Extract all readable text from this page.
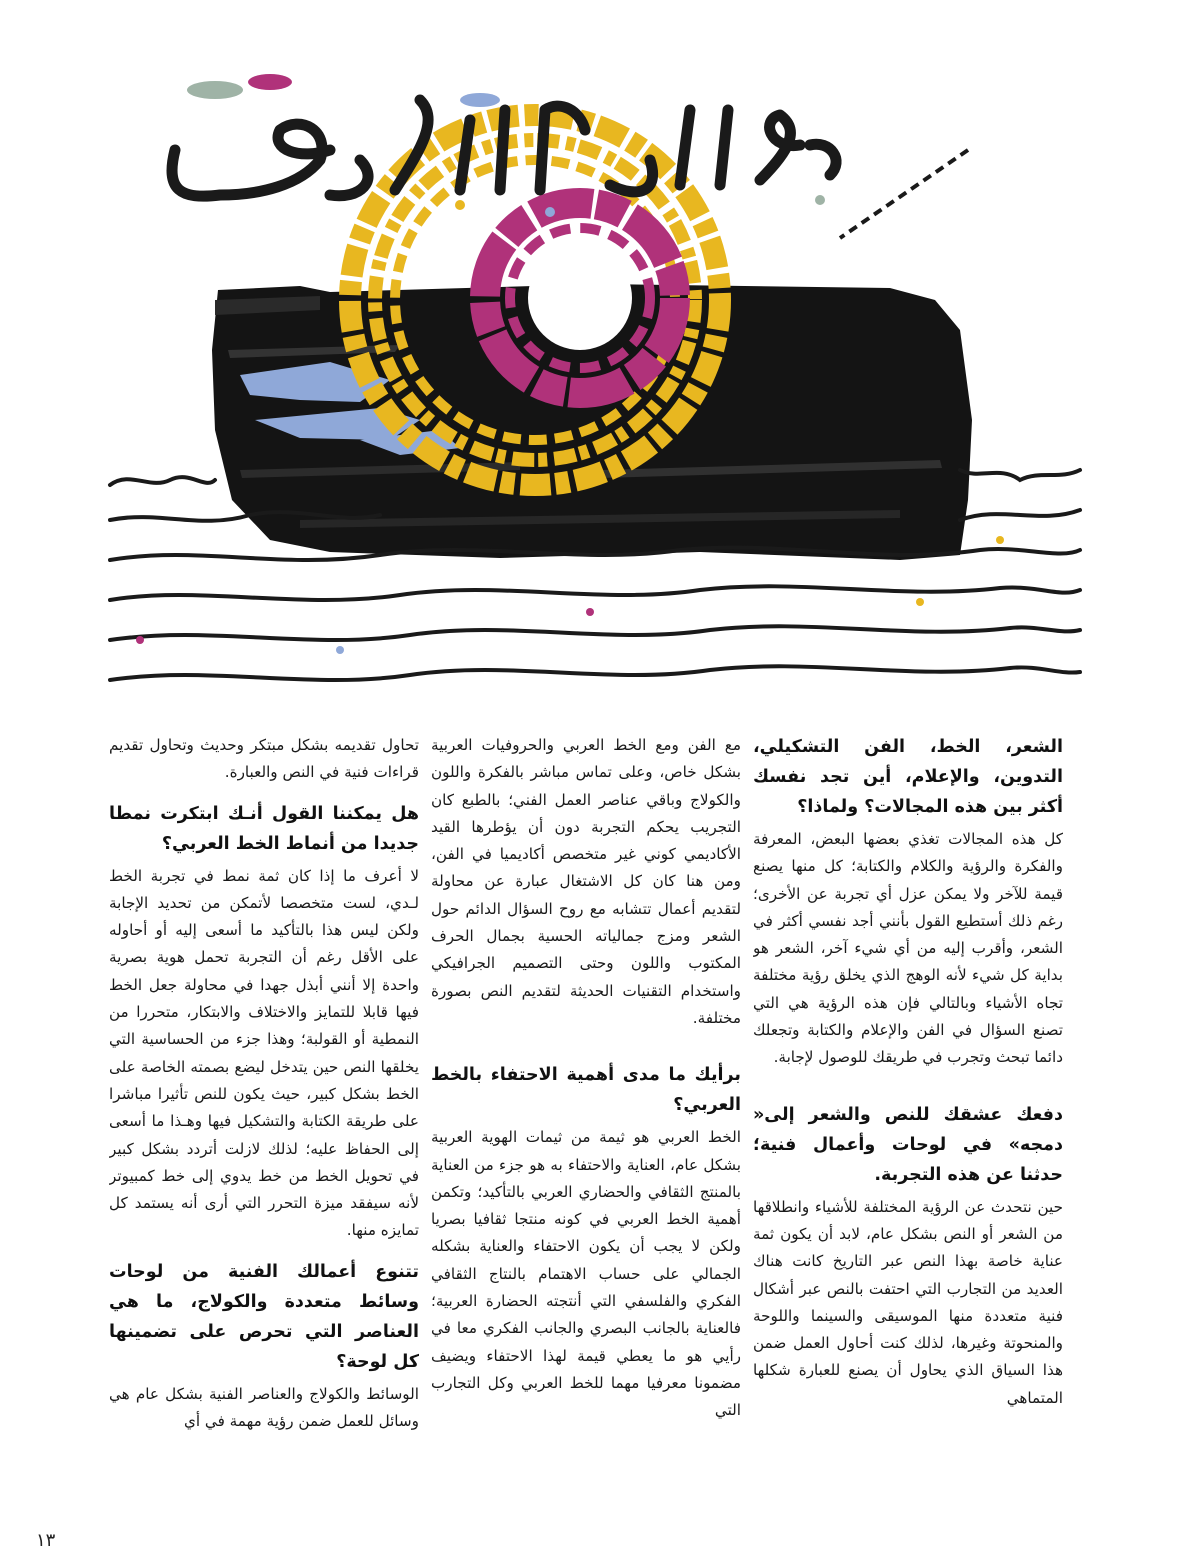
الشعر، الخط، الفن التشكيلي، التدوين، والإعلام، أين تجد نفسك أكثر بين هذه المجالات؟ ولماذا؟

كل هذه المجالات تغذي بعضها البعض، المعرفة والفكرة والرؤية والكلام والكتابة؛ كل منها يصنع قيمة للآخر ولا يمكن عزل أي تجربة عن الأخرى؛ رغم ذلك أستطيع القول بأنني أجد نفسي أكثر في الشعر، وأقرب إليه من أي شيء آخر، الشعر هو بداية كل شيء لأنه الوهج الذي يخلق رؤية مختلفة تجاه الأشياء وبالتالي فإن هذه الرؤية هي التي تصنع السؤال في الفن والإعلام والكتابة وتجعلك دائما تبحث وتجرب في طريقك للوصول لإجابة.

دفعك عشقك للنص والشعر إلى« دمجه» في لوحات وأعمال فنية؛ حدثنا عن هذه التجربة.

حين نتحدث عن الرؤية المختلفة للأشياء وانطلاقها من الشعر أو النص بشكل عام، لابد أن يكون ثمة عناية خاصة بهذا النص عبر التاريخ كانت هناك العديد من التجارب التي احتفت بالنص عبر أشكال فنية متعددة منها الموسيقى والسينما واللوحة والمنحوتة وغيرها، لذلك كنت أحاول العمل ضمن هذا السياق الذي يحاول أن يصنع للعبارة شكلها المتماهي

مع الفن ومع الخط العربي والحروفيات العربية بشكل خاص، وعلى تماس مباشر بالفكرة واللون والكولاج وباقي عناصر العمل الفني؛ بالطبع كان التجريب يحكم التجربة دون أن يؤطرها القيد الأكاديمي كوني غير متخصص أكاديميا في الفن، ومن هنا كان كل الاشتغال عبارة عن محاولة لتقديم أعمال تتشابه مع روح السؤال الدائم حول الشعر ومزج جمالياته الحسية بجمال الحرف المكتوب واللون وحتى التصميم الجرافيكي واستخدام التقنيات الحديثة لتقديم النص بصورة مختلفة.

برأيك ما مدى أهمية الاحتفاء بالخط العربي؟

الخط العربي هو ثيمة من ثيمات الهوية العربية بشكل عام، العناية والاحتفاء به هو جزء من العناية بالمنتج الثقافي والحضاري العربي بالتأكيد؛ وتكمن أهمية الخط العربي في كونه منتجا ثقافيا بصريا ولكن لا يجب أن يكون الاحتفاء والعناية بشكله الجمالي على حساب الاهتمام بالنتاج الثقافي الفكري والفلسفي التي أنتجته الحضارة العربية؛ فالعناية بالجانب البصري والجانب الفكري معا في رأيي هو ما يعطي قيمة لهذا الاحتفاء ويضيف مضمونا معرفيا مهما للخط العربي وكل التجارب التي

تحاول تقديمه بشكل مبتكر وحديث وتحاول تقديم قراءات فنية في النص والعبارة.

هل يمكننا القول أنـك ابتكرت نمطا جديدا من أنماط الخط العربي؟

لا أعرف ما إذا كان ثمة نمط في تجربة الخط لـدي، لست متخصصا لأتمكن من تحديد الإجابة ولكن ليس هذا بالتأكيد ما أسعى إليه أو أحاوله على الأقل رغم أن التجربة تحمل هوية بصرية واحدة إلا أنني أبذل جهدا في محاولة جعل الخط فيها قابلا للتمايز والاختلاف والابتكار، متحررا من النمطية أو القولبة؛ وهذا جزء من الحساسية التي يخلقها النص حين يتدخل ليضع بصمته الخاصة على الخط بشكل كبير، حيث يكون للنص تأثيرا مباشرا على طريقة الكتابة والتشكيل فيها وهـذا ما أسعى إلى الحفاظ عليه؛ لذلك لازلت أتردد بشكل كبير في تحويل الخط من خط يدوي إلى خط كمبيوتر لأنه سيفقد ميزة التحرر التي أرى أنه يستمد كل تمايزه منها.

تتنوع أعمالك الفنية من لوحات وسائط متعددة والكولاج، ما هي العناصر التي تحرص على تضمينها كل لوحة؟

الوسائط والكولاج والعناصر الفنية بشكل عام هي وسائل للعمل ضمن رؤية مهمة في أي

١٣
